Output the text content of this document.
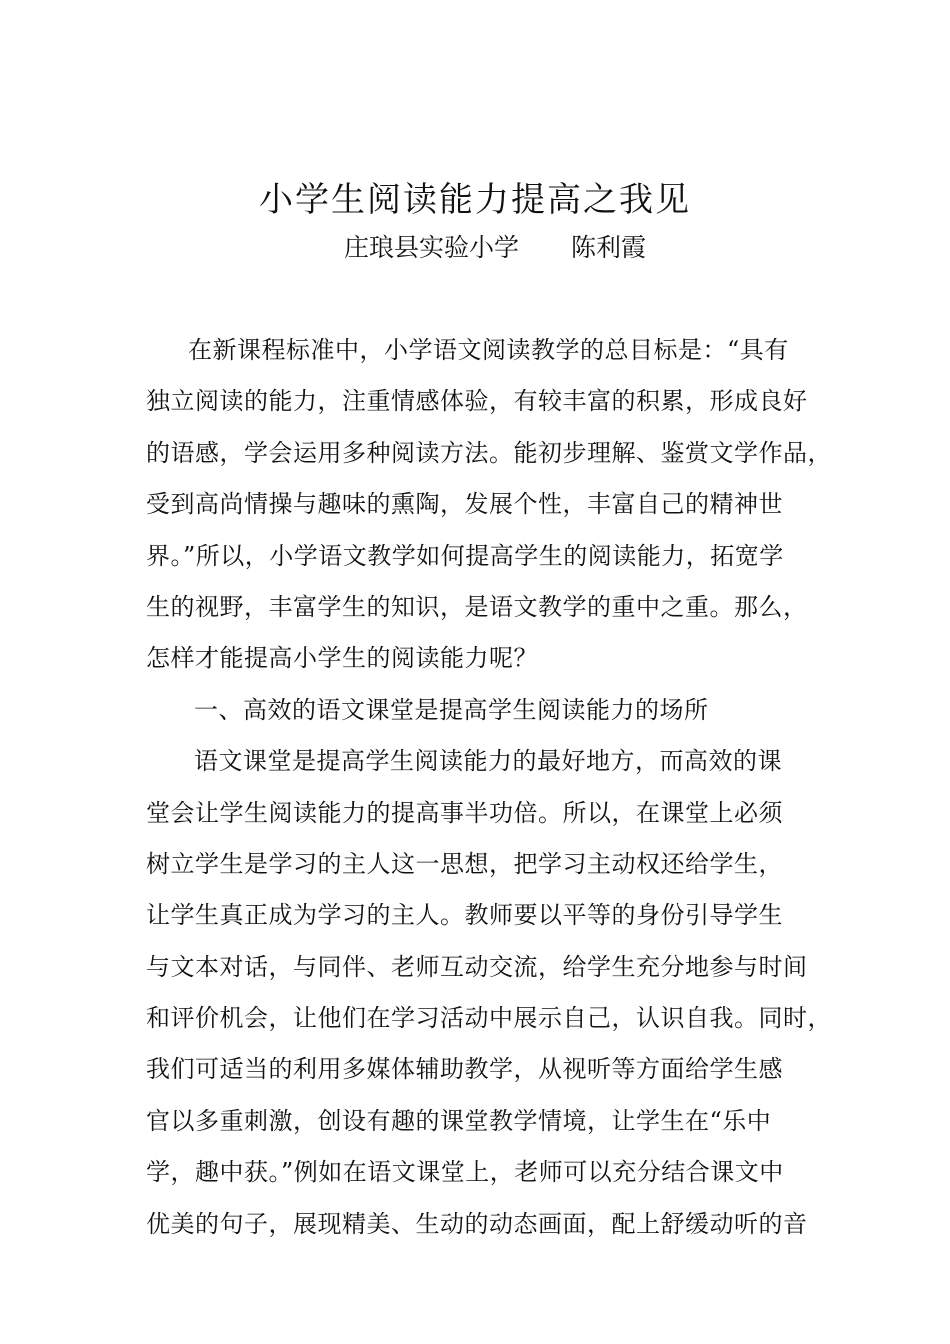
小学生阅读能力提高之我见

庄琅县实验小学 陈利霞

在新课程标准中，小学语文阅读教学的总目标是：“具有
独立阅读的能力，注重情感体验，有较丰富的积累，形成良好
的语感，学会运用多种阅读方法。能初步理解、鉴赏文学作品，
受到高尚情操与趣味的熏陶，发展个性，丰富自己的精神世
界。”所以，小学语文教学如何提高学生的阅读能力，拓宽学
生的视野，丰富学生的知识，是语文教学的重中之重。那么，
怎样才能提高小学生的阅读能力呢？
一、高效的语文课堂是提高学生阅读能力的场所
语文课堂是提高学生阅读能力的最好地方，而高效的课
堂会让学生阅读能力的提高事半功倍。所以，在课堂上必须
树立学生是学习的主人这一思想，把学习主动权还给学生，
让学生真正成为学习的主人。教师要以平等的身份引导学生
与文本对话，与同伴、老师互动交流，给学生充分地参与时间
和评价机会，让他们在学习活动中展示自己，认识自我。同时，
我们可适当的利用多媒体辅助教学，从视听等方面给学生感
官以多重刺激，创设有趣的课堂教学情境，让学生在“乐中
学，趣中获。”例如在语文课堂上，老师可以充分结合课文中
优美的句子，展现精美、生动的动态画面，配上舒缓动听的音
